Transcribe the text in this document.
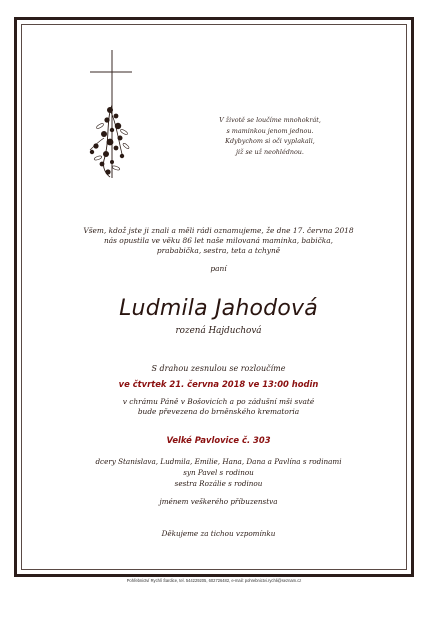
V životě se loučíme mnohokrát,
s maminkou jenom jednou.
Kdybychom si oči vyplakali,
již se už neohlédnou.
Všem, kdož jste ji znali a měli rádi oznamujeme, že dne 17. června 2018
nás opustila ve věku 86 let naše milovaná maminka, babička,
prababička, sestra, teta a tchyně
paní
Ludmila Jahodová
rozená Hajduchová
S drahou zesnulou se rozloučíme
ve čtvrtek 21. června 2018 ve 13:00 hodin
v chrámu Páně v Bošovicích a po zádušní mši svaté
bude převezena do brněnského krematoria
Velké Pavlovice č. 303
dcery Stanislava, Ludmila, Emilie, Hana, Dana a Pavlína s rodinami
syn Pavel s rodinou
sestra Rozálie s rodinou
jménem veškerého příbuzenstva
Děkujeme za tichou vzpomínku
Pohřebnictví Rychlí Šardice, tel. 544229205, 602726482, e-mail: pohrebnictvi.rychli@seznam.cz
